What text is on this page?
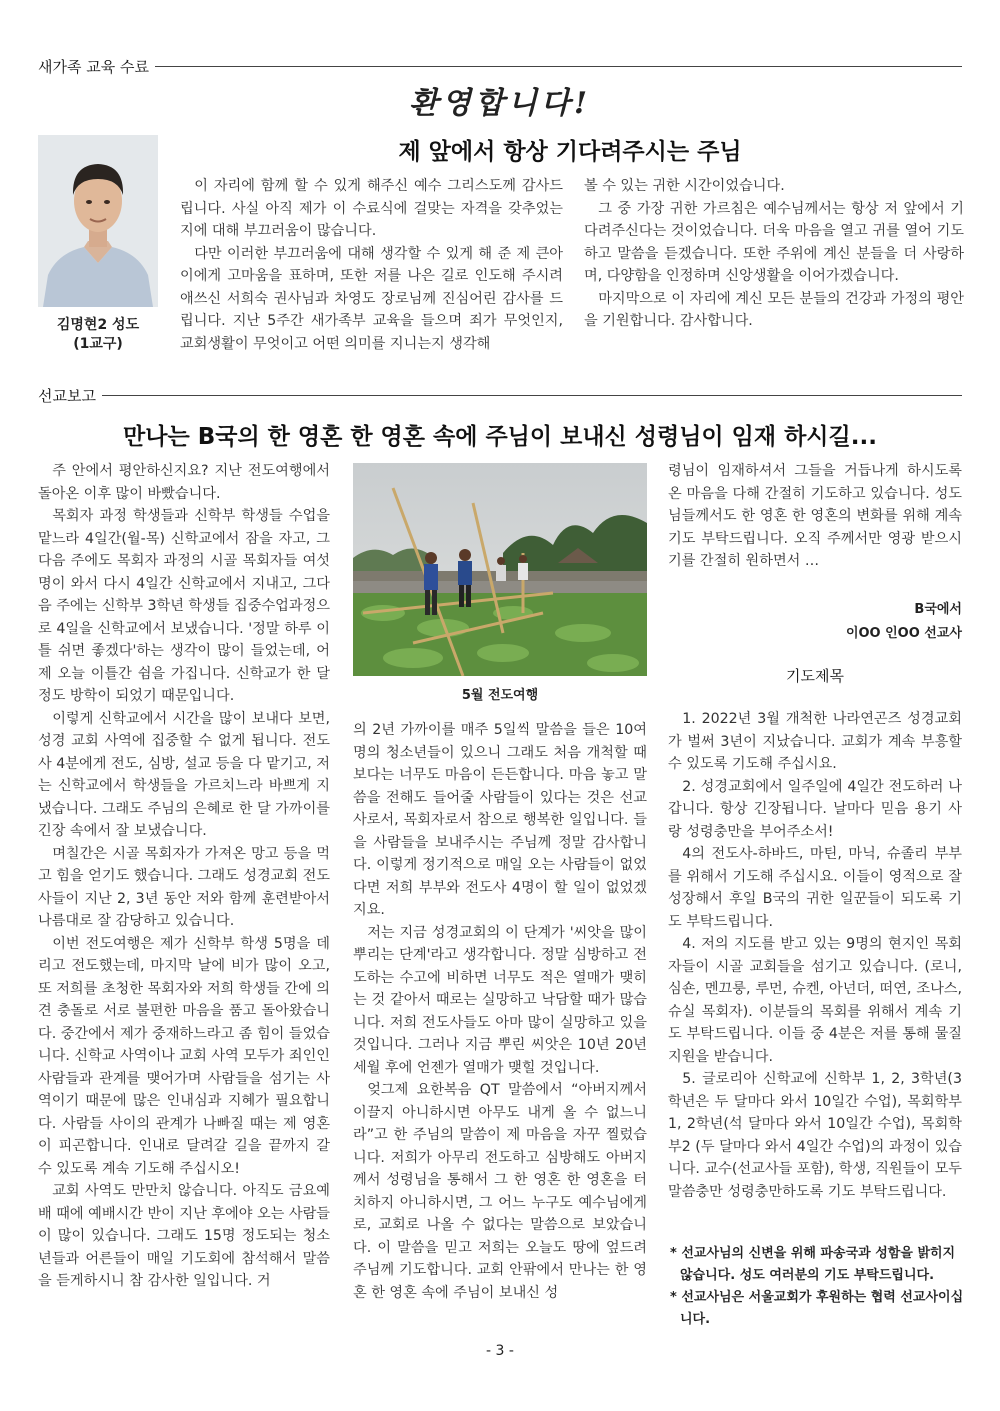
새가족 교육 수료
환영합니다!
제 앞에서 항상 기다려주시는 주님
김명현2 성도
(1교구)

이 자리에 함께 할 수 있게 해주신 예수 그리스도께 감사드립니다. 사실 아직 제가 이 수료식에 걸맞는 자격을 갖추었는지에 대해 부끄러움이 많습니다.

다만 이러한 부끄러움에 대해 생각할 수 있게 해 준 제 큰아이에게 고마움을 표하며, 또한 저를 나은 길로 인도해 주시려 애쓰신 서희숙 권사님과 차영도 장로님께 진심어린 감사를 드립니다. 지난 5주간 새가족부 교육을 들으며 죄가 무엇인지, 교회생활이 무엇이고 어떤 의미를 지니는지 생각해

볼 수 있는 귀한 시간이었습니다.

그 중 가장 귀한 가르침은 예수님께서는 항상 저 앞에서 기다려주신다는 것이었습니다. 더욱 마음을 열고 귀를 열어 기도하고 말씀을 듣겠습니다. 또한 주위에 계신 분들을 더 사랑하며, 다양함을 인정하며 신앙생활을 이어가겠습니다.

마지막으로 이 자리에 계신 모든 분들의 건강과 가정의 평안을 기원합니다. 감사합니다.

선교보고
만나는 B국의 한 영혼 한 영혼 속에 주님이 보내신 성령님이 임재 하시길...

주 안에서 평안하신지요? 지난 전도여행에서 돌아온 이후 많이 바빴습니다.

목회자 과정 학생들과 신학부 학생들 수업을 맡느라 4일간(월-목) 신학교에서 잠을 자고, 그다음 주에도 목회자 과정의 시골 목회자들 여섯 명이 와서 다시 4일간 신학교에서 지내고, 그다음 주에는 신학부 3학년 학생들 집중수업과정으로 4일을 신학교에서 보냈습니다. '정말 하루 이틀 쉬면 좋겠다'하는 생각이 많이 들었는데, 어제 오늘 이틀간 쉼을 가집니다. 신학교가 한 달 정도 방학이 되었기 때문입니다.

이렇게 신학교에서 시간을 많이 보내다 보면, 성경 교회 사역에 집중할 수 없게 됩니다. 전도사 4분에게 전도, 심방, 설교 등을 다 맡기고, 저는 신학교에서 학생들을 가르치느라 바쁘게 지냈습니다. 그래도 주님의 은혜로 한 달 가까이를 긴장 속에서 잘 보냈습니다.

며칠간은 시골 목회자가 가져온 망고 등을 먹고 힘을 얻기도 했습니다. 그래도 성경교회 전도사들이 지난 2, 3년 동안 저와 함께 훈련받아서 나름대로 잘 감당하고 있습니다.

이번 전도여행은 제가 신학부 학생 5명을 데리고 전도했는데, 마지막 날에 비가 많이 오고, 또 저희를 초청한 목회자와 저희 학생들 간에 의견 충돌로 서로 불편한 마음을 품고 돌아왔습니다. 중간에서 제가 중재하느라고 좀 힘이 들었습니다. 신학교 사역이나 교회 사역 모두가 죄인인 사람들과 관계를 맺어가며 사람들을 섬기는 사역이기 때문에 많은 인내심과 지혜가 필요합니다. 사람들 사이의 관계가 나빠질 때는 제 영혼이 피곤합니다. 인내로 달려갈 길을 끝까지 갈 수 있도록 계속 기도해 주십시오!

교회 사역도 만만치 않습니다. 아직도 금요예배 때에 예배시간 반이 지난 후에야 오는 사람들이 많이 있습니다. 그래도 15명 정도되는 청소년들과 어른들이 매일 기도회에 참석해서 말씀을 듣게하시니 참 감사한 일입니다. 거

5월 전도여행

의 2년 가까이를 매주 5일씩 말씀을 들은 10여명의 청소년들이 있으니 그래도 처음 개척할 때보다는 너무도 마음이 든든합니다. 마음 놓고 말씀을 전해도 들어줄 사람들이 있다는 것은 선교사로서, 목회자로서 참으로 행복한 일입니다. 들을 사람들을 보내주시는 주님께 정말 감사합니다. 이렇게 정기적으로 매일 오는 사람들이 없었다면 저희 부부와 전도사 4명이 할 일이 없었겠지요.

저는 지금 성경교회의 이 단계가 '씨앗을 많이 뿌리는 단계'라고 생각합니다. 정말 심방하고 전도하는 수고에 비하면 너무도 적은 열매가 맺히는 것 같아서 때로는 실망하고 낙담할 때가 많습니다. 저희 전도사들도 아마 많이 실망하고 있을 것입니다. 그러나 지금 뿌린 씨앗은 10년 20년 세월 후에 언젠가 열매가 맺힐 것입니다.

엊그제 요한복음 QT 말씀에서 “아버지께서 이끌지 아니하시면 아무도 내게 올 수 없느니라”고 한 주님의 말씀이 제 마음을 자꾸 찔렀습니다. 저희가 아무리 전도하고 심방해도 아버지께서 성령님을 통해서 그 한 영혼 한 영혼을 터치하지 아니하시면, 그 어느 누구도 예수님에게로, 교회로 나올 수 없다는 말씀으로 보았습니다. 이 말씀을 믿고 저희는 오늘도 땅에 엎드려 주님께 기도합니다. 교회 안팎에서 만나는 한 영혼 한 영혼 속에 주님이 보내신 성

령님이 임재하셔서 그들을 거듭나게 하시도록 온 마음을 다해 간절히 기도하고 있습니다. 성도님들께서도 한 영혼 한 영혼의 변화를 위해 계속 기도 부탁드립니다. 오직 주께서만 영광 받으시기를 간절히 원하면서 …

B국에서
이OO 인OO 선교사
기도제목

1. 2022년 3월 개척한 나라연곤즈 성경교회가 벌써 3년이 지났습니다. 교회가 계속 부흥할 수 있도록 기도해 주십시요.

2. 성경교회에서 일주일에 4일간 전도하러 나갑니다. 항상 긴장됩니다. 날마다 믿음 용기 사랑 성령충만을 부어주소서!

4의 전도사-하바드, 마틴, 마닉, 슈졸리 부부를 위해서 기도해 주십시요. 이들이 영적으로 잘 성장해서 후일 B국의 귀한 일꾼들이 되도록 기도 부탁드립니다.

4. 저의 지도를 받고 있는 9명의 현지인 목회자들이 시골 교회들을 섬기고 있습니다. (로니, 심숀, 멘끄룽, 루먼, 슈켄, 아넌더, 떠연, 조나스, 슈실 목회자). 이분들의 목회를 위해서 계속 기도 부탁드립니다. 이들 중 4분은 저를 통해 물질 지원을 받습니다.

5. 글로리아 신학교에 신학부 1, 2, 3학년(3학년은 두 달마다 와서 10일간 수업), 목회학부 1, 2학년(석 달마다 와서 10일간 수업), 목회학부2 (두 달마다 와서 4일간 수업)의 과정이 있습니다. 교수(선교사들 포함), 학생, 직원들이 모두 말씀충만 성령충만하도록 기도 부탁드립니다.

* 선교사님의 신변을 위해 파송국과 성함을 밝히지 않습니다. 성도 여러분의 기도 부탁드립니다.
* 선교사님은 서울교회가 후원하는 협력 선교사이십니다.
- 3 -
